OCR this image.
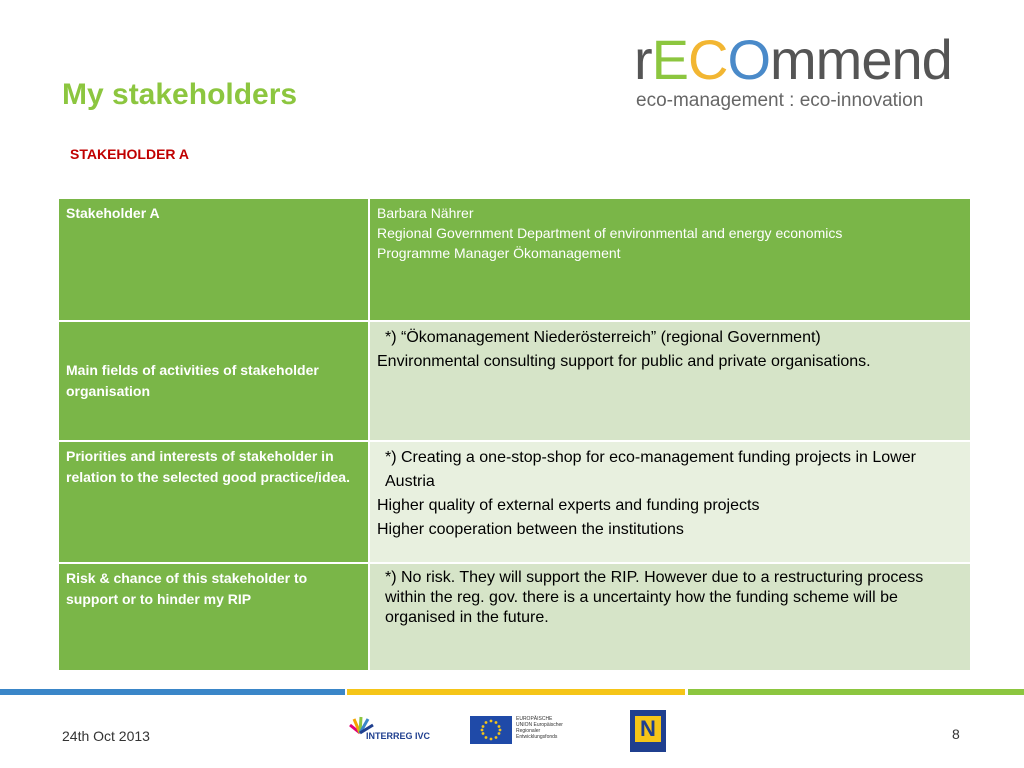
My stakeholders
STAKEHOLDER A
rECOmmend
eco-management : eco-innovation
Stakeholder A	Barbara Nährer
Regional Government Department of environmental and energy economics
Programme Manager Ökomanagement

Main fields of activities of stakeholder organisation	*) “Ökomanagement Niederösterreich” (regional Government)
Environmental consulting support for public and private organisations.

Priorities and interests of stakeholder in relation to the selected good practice/idea.	*) Creating a one-stop-shop for eco-management funding projects in Lower Austria
Higher quality of external experts and funding projects
Higher cooperation between the institutions

Risk & chance of this stakeholder to support or to hinder my RIP	*) No risk. They will support the RIP. However due to a restructuring process within the reg. gov. there is a uncertainty how the funding scheme will be organised in the future.
24th Oct 2013	INTERREG IVC
EUROPÄISCHE UNION Europäischer Regionaler Entwicklungsfonds	N	8
